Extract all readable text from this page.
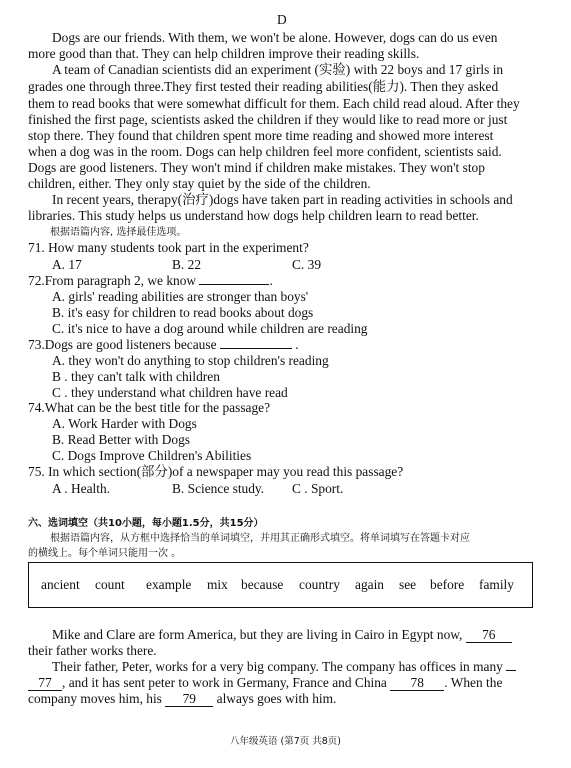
D
Dogs are our friends. With them, we won't be alone. However, dogs can do us even
more good than that. They can help children improve their reading skills.
A team of Canadian scientists did an experiment (实验) with 22 boys and 17 girls in
grades one through three.They first tested their reading abilities(能力). Then they asked
them to read books that were somewhat difficult for them. Each child read aloud. After they
finished the first page, scientists asked the children if they would like to read more or just
stop there. They found that children spent more time reading and showed more interest
when a dog was in the room. Dogs can help children feel more confident, scientists said.
Dogs are good listeners. They won't mind if children make mistakes. They won't stop
children, either. They only stay quiet by the side of the children.
In recent years, therapy(治疗)dogs have taken part in reading activities in schools and
libraries. This study helps us understand how dogs help children learn to read better.
根据语篇内容, 选择最佳选项。
71. How many students took part in the experiment?
A. 17	B. 22	C. 39
72.From paragraph 2, we know	.
A. girls' reading abilities are stronger than boys'
B. it's easy for children to read books about dogs
C. it's nice to have a dog around while children are reading
73.Dogs are good listeners because	.
A. they won't do anything to stop children's reading
B . they can't talk with children
C . they understand what children have read
74.What can be the best title for the passage?
A. Work Harder with Dogs
B. Read Better with Dogs
C. Dogs Improve Children's Abilities
75. In which section(部分)of a newspaper may you read this passage?
A . Health.	B. Science study. C . Sport.
六、选词填空（共10小题，每小题1.5分，共15分）
根据语篇内容，从方框中选择恰当的单词填空，并用其正确形式填空。将单词填写在答题卡对应
的横线上。每个单词只能用一次 。
ancient count example mix because country again see before family
Mike and Clare are form America, but they are living in Cairo in Egypt now, 76
their father works there.
Their father, Peter, works for a very big company. The company has offices in many
77 , and it has sent peter to work in Germany, France and China 78 . When the
company moves him, his 79 always goes with him.
八年级英语 (第7页 共8页)
